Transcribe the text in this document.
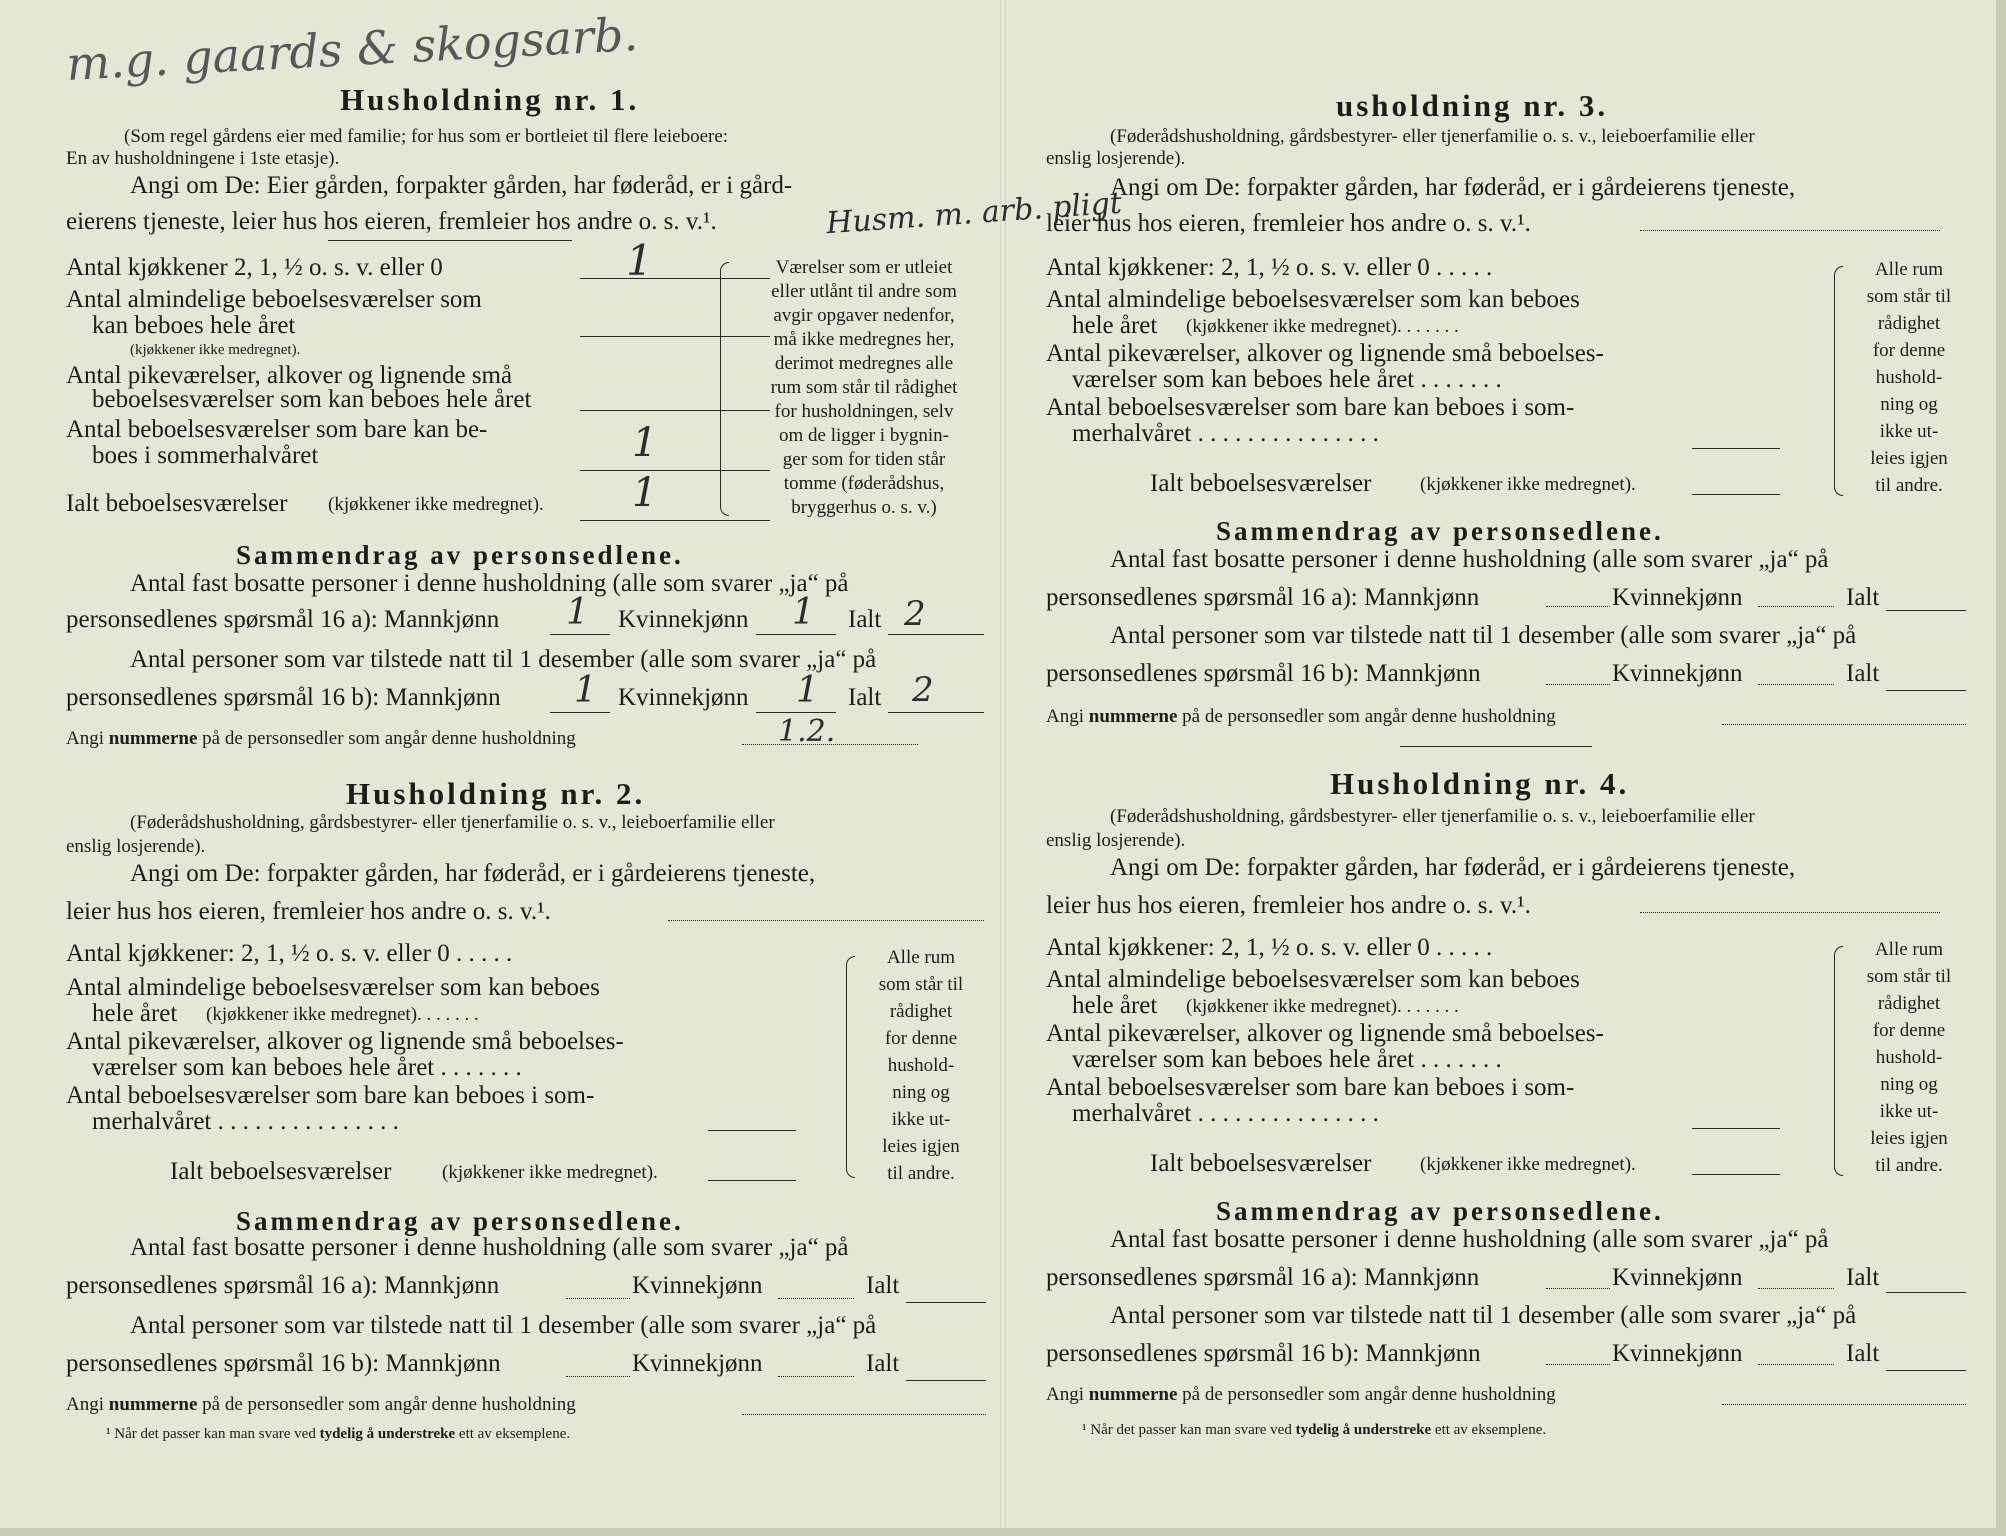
m.g. gaards & skogsarb.
Husholdning nr. 1.
(Som regel gårdens eier med familie; for hus som er bortleiet til flere leieboere:
En av husholdningene i 1ste etasje).
Angi om De: Eier gården, forpakter gården, har føderåd, er i gård-
eierens tjeneste, leier hus hos eieren, fremleier hos andre o. s. v.¹.	Husm. m. arb. pligt
Antal kjøkkener 2, 1, ½ o. s. v. eller 0	1
Antal almindelige beboelsesværelser som
kan beboes hele året
(kjøkkener ikke medregnet).
Antal pikeværelser, alkover og lignende små
beboelsesværelser som kan beboes hele året
Antal beboelsesværelser som bare kan be-
boes i sommerhalvåret	1
Ialt beboelsesværelser (kjøkkener ikke medregnet). 1
Værelser som er utleiet
eller utlånt til andre som
avgir opgaver nedenfor,
må ikke medregnes her,
derimot medregnes alle
rum som står til rådighet
for husholdningen, selv
om de ligger i bygnin-
ger som for tiden står
tomme (føderådshus,
bryggerhus o. s. v.)
Sammendrag av personsedlene.
Antal fast bosatte personer i denne husholdning (alle som svarer „ja“ på
personsedlenes spørsmål 16 a): Mannkjønn 1 Kvinnekjønn 1 Ialt 2
Antal personer som var tilstede natt til 1 desember (alle som svarer „ja“ på
personsedlenes spørsmål 16 b): Mannkjønn 1 Kvinnekjønn 1 Ialt 2
Angi nummerne på de personsedler som angår denne husholdning	1.2.
Husholdning nr. 2.
(Føderådshusholdning, gårdsbestyrer- eller tjenerfamilie o. s. v., leieboerfamilie eller
enslig losjerende).
Angi om De: forpakter gården, har føderåd, er i gårdeierens tjeneste,
leier hus hos eieren, fremleier hos andre o. s. v.¹.
Antal kjøkkener: 2, 1, ½ o. s. v. eller 0 . . . . .
Antal almindelige beboelsesværelser som kan beboes
hele året (kjøkkener ikke medregnet). . . . . . .
Antal pikeværelser, alkover og lignende små beboelses-
værelser som kan beboes hele året . . . . . . .
Antal beboelsesværelser som bare kan beboes i som-
merhalvåret . . . . . . . . . . . . . . .
Ialt beboelsesværelser	(kjøkkener ikke medregnet).
Alle rum
som står til
rådighet
for denne
hushold-
ning og
ikke ut-
leies igjen
til andre.
Sammendrag av personsedlene.
Antal fast bosatte personer i denne husholdning (alle som svarer „ja“ på
personsedlenes spørsmål 16 a): Mannkjønn	Kvinnekjønn	Ialt
Antal personer som var tilstede natt til 1 desember (alle som svarer „ja“ på
personsedlenes spørsmål 16 b): Mannkjønn	Kvinnekjønn	Ialt
Angi nummerne på de personsedler som angår denne husholdning
¹ Når det passer kan man svare ved tydelig å understreke ett av eksemplene.
usholdning nr. 3.
(Føderådshusholdning, gårdsbestyrer- eller tjenerfamilie o. s. v., leieboerfamilie eller
enslig losjerende).
Angi om De: forpakter gården, har føderåd, er i gårdeierens tjeneste,
leier hus hos eieren, fremleier hos andre o. s. v.¹.
Antal kjøkkener: 2, 1, ½ o. s. v. eller 0 . . . . .
Antal almindelige beboelsesværelser som kan beboes
hele året (kjøkkener ikke medregnet). . . . . . .
Antal pikeværelser, alkover og lignende små beboelses-
værelser som kan beboes hele året . . . . . . .
Antal beboelsesværelser som bare kan beboes i som-
merhalvåret . . . . . . . . . . . . . . .
Ialt beboelsesværelser	(kjøkkener ikke medregnet).
Alle rum
som står til
rådighet
for denne
hushold-
ning og
ikke ut-
leies igjen
til andre.
Sammendrag av personsedlene.
Antal fast bosatte personer i denne husholdning (alle som svarer „ja“ på
personsedlenes spørsmål 16 a): Mannkjønn	Kvinnekjønn	Ialt
Antal personer som var tilstede natt til 1 desember (alle som svarer „ja“ på
personsedlenes spørsmål 16 b): Mannkjønn	Kvinnekjønn	Ialt
Angi nummerne på de personsedler som angår denne husholdning
Husholdning nr. 4.
(Føderådshusholdning, gårdsbestyrer- eller tjenerfamilie o. s. v., leieboerfamilie eller
enslig losjerende).
Angi om De: forpakter gården, har føderåd, er i gårdeierens tjeneste,
leier hus hos eieren, fremleier hos andre o. s. v.¹.
Antal kjøkkener: 2, 1, ½ o. s. v. eller 0 . . . . .
Antal almindelige beboelsesværelser som kan beboes
hele året (kjøkkener ikke medregnet). . . . . . .
Antal pikeværelser, alkover og lignende små beboelses-
værelser som kan beboes hele året . . . . . . .
Antal beboelsesværelser som bare kan beboes i som-
merhalvåret . . . . . . . . . . . . . . .
Ialt beboelsesværelser	(kjøkkener ikke medregnet).
Alle rum
som står til
rådighet
for denne
hushold-
ning og
ikke ut-
leies igjen
til andre.
Sammendrag av personsedlene.
Antal fast bosatte personer i denne husholdning (alle som svarer „ja“ på
personsedlenes spørsmål 16 a): Mannkjønn	Kvinnekjønn	Ialt
Antal personer som var tilstede natt til 1 desember (alle som svarer „ja“ på
personsedlenes spørsmål 16 b): Mannkjønn	Kvinnekjønn	Ialt
Angi nummerne på de personsedler som angår denne husholdning
¹ Når det passer kan man svare ved tydelig å understreke ett av eksemplene.
